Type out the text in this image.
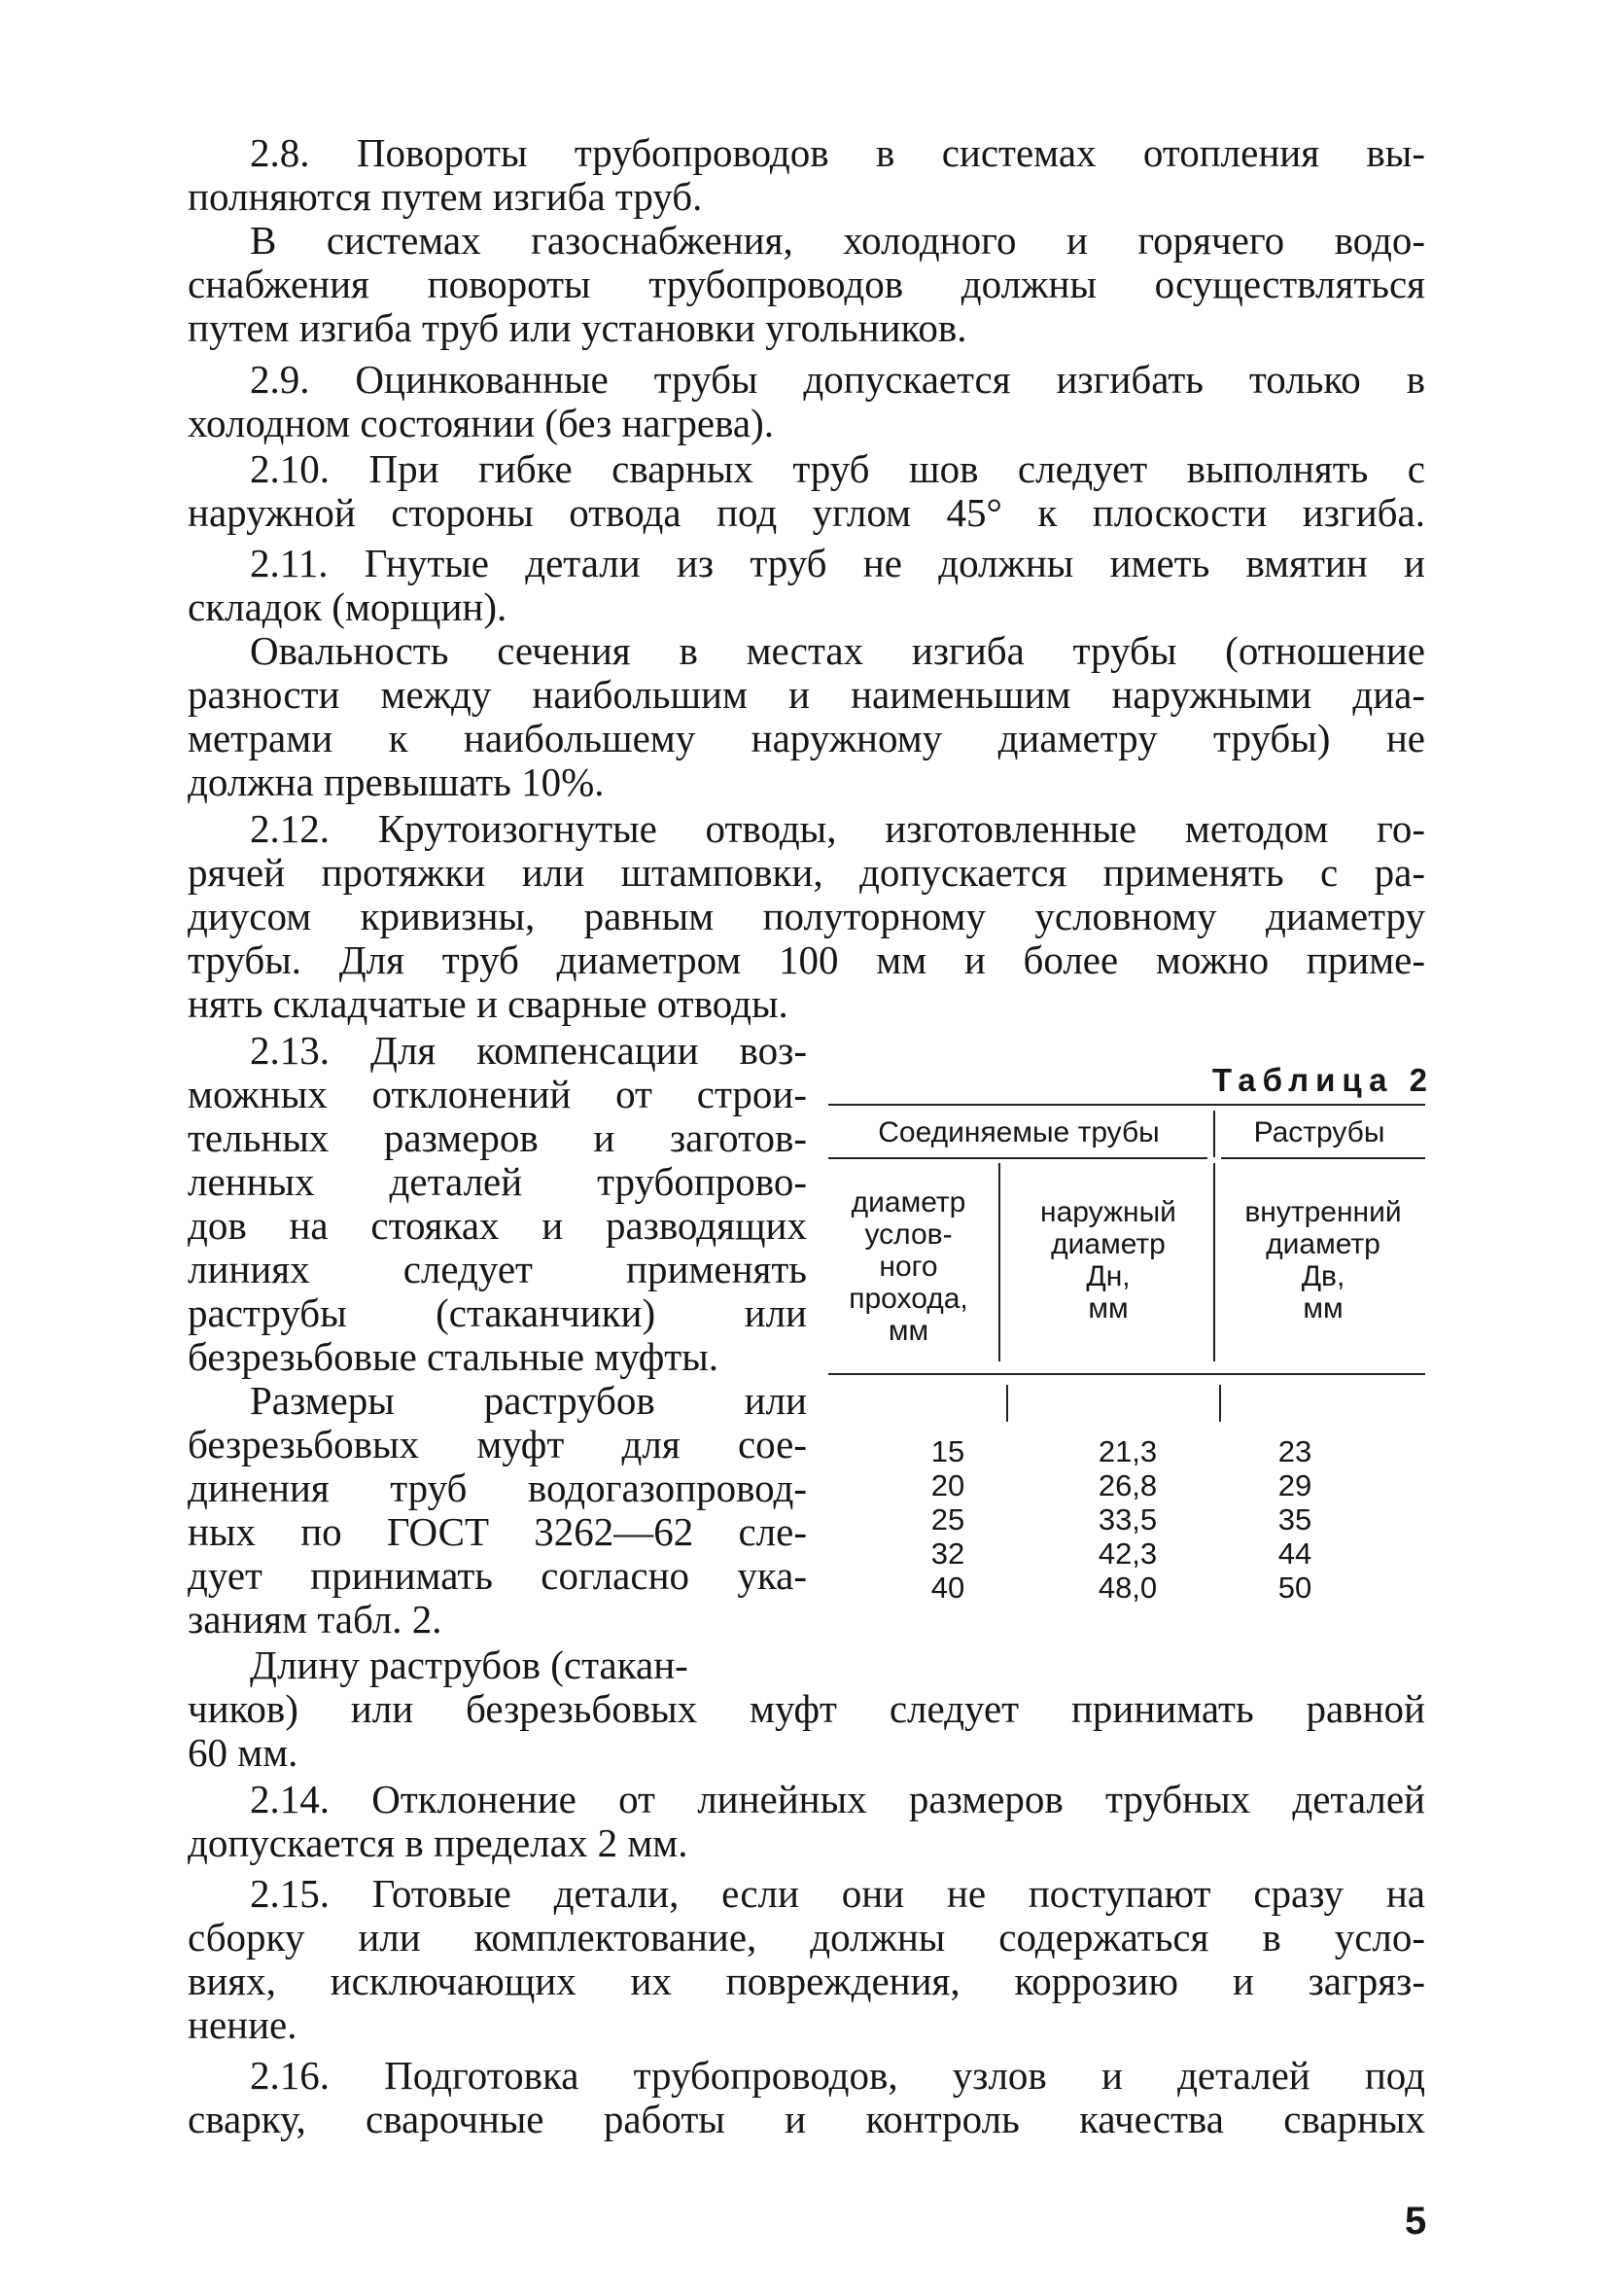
2.8. Повороты трубопроводов в системах отопления вы-
полняются путем изгиба труб.
В системах газоснабжения, холодного и горячего водо-
снабжения повороты трубопроводов должны осуществляться
путем изгиба труб или установки угольников.
2.9. Оцинкованные трубы допускается изгибать только в
холодном состоянии (без нагрева).
2.10. При гибке сварных труб шов следует выполнять с
наружной стороны отвода под углом 45° к плоскости изгиба.
2.11. Гнутые детали из труб не должны иметь вмятин и
складок (морщин).
Овальность сечения в местах изгиба трубы (отношение
разности между наибольшим и наименьшим наружными диа-
метрами к наибольшему наружному диаметру трубы) не
должна превышать 10%.
2.12. Крутоизогнутые отводы, изготовленные методом го-
рячей протяжки или штамповки, допускается применять с ра-
диусом кривизны, равным полуторному условному диаметру
трубы. Для труб диаметром 100 мм и более можно приме-
нять складчатые и сварные отводы.
2.13. Для компенсации воз-
можных отклонений от строи-
тельных размеров и заготов-
ленных деталей трубопрово-
дов на стояках и разводящих
линиях следует применять
раструбы (стаканчики) или
безрезьбовые стальные муфты.
Размеры раструбов или
безрезьбовых муфт для сое-
динения труб водогазопровод-
ных по ГОСТ 3262—62 сле-
дует принимать согласно ука-
заниям табл. 2.
Длину раструбов (стакан-
чиков) или безрезьбовых муфт следует принимать равной
60 мм.
Таблица 2
Соединяемые трубы	Раструбы
диаметр
услов-
ного
прохода,
мм
наружный
диаметр
Дн,
мм
внутренний
диаметр
Дв,
мм
15
20
25
32
40
21,3
26,8
33,5
42,3
48,0
23
29
35
44
50
2.14. Отклонение от линейных размеров трубных деталей
допускается в пределах 2 мм.
2.15. Готовые детали, если они не поступают сразу на
сборку или комплектование, должны содержаться в усло-
виях, исключающих их повреждения, коррозию и загряз-
нение.
2.16. Подготовка трубопроводов, узлов и деталей под
сварку, сварочные работы и контроль качества сварных
5
